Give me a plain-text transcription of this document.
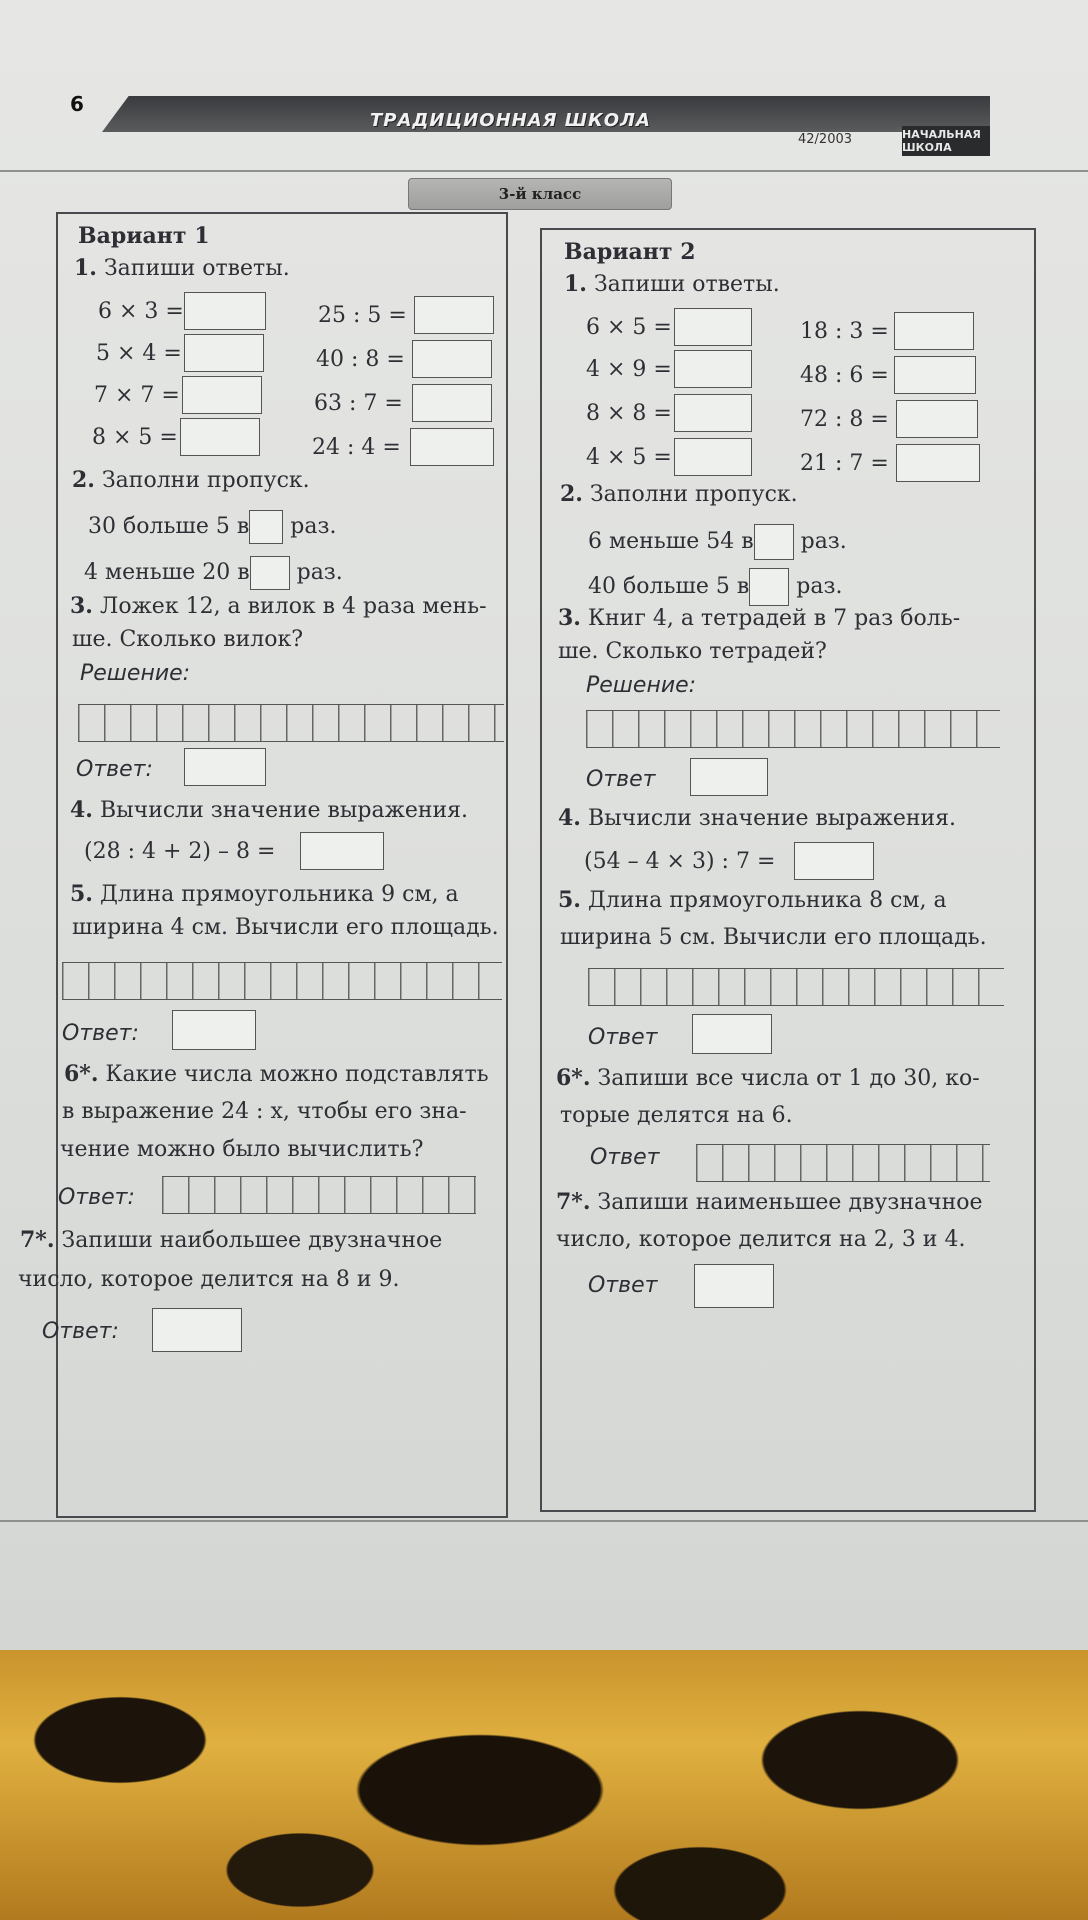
6
ТРАДИЦИОННАЯ ШКОЛА
42/2003	НАЧАЛЬНАЯ ШКОЛА
3-й класс
Вариант 1
1. Запиши ответы.
6 × 3 =
5 × 4 =
7 × 7 =
8 × 5 =
25 : 5 =
40 : 8 =
63 : 7 =
24 : 4 =
2. Заполни пропуск.
30 больше 5 в раз.
4 меньше 20 в раз.
3. Ложек 12, а вилок в 4 раза мень-
ше. Сколько вилок?
Решение:
Ответ:
4. Вычисли значение выражения.
(28 : 4 + 2) – 8 =
5. Длина прямоугольника 9 см, а
ширина 4 см. Вычисли его площадь.
Ответ:
6*. Какие числа можно подставлять
в выражение 24 : x, чтобы его зна-
чение можно было вычислить?
Ответ:
7*. Запиши наибольшее двузначное
число, которое делится на 8 и 9.
Ответ:
Вариант 2
1. Запиши ответы.
6 × 5 =
4 × 9 =
8 × 8 =
4 × 5 =
18 : 3 =
48 : 6 =
72 : 8 =
21 : 7 =
2. Заполни пропуск.
6 меньше 54 в раз.
40 больше 5 в раз.
3. Книг 4, а тетрадей в 7 раз боль-
ше. Сколько тетрадей?
Решение:
Ответ
4. Вычисли значение выражения.
(54 – 4 × 3) : 7 =
5. Длина прямоугольника 8 см, а
ширина 5 см. Вычисли его площадь.
Ответ
6*. Запиши все числа от 1 до 30, ко-
торые делятся на 6.
Ответ
7*. Запиши наименьшее двузначное
число, которое делится на 2, 3 и 4.
Ответ
